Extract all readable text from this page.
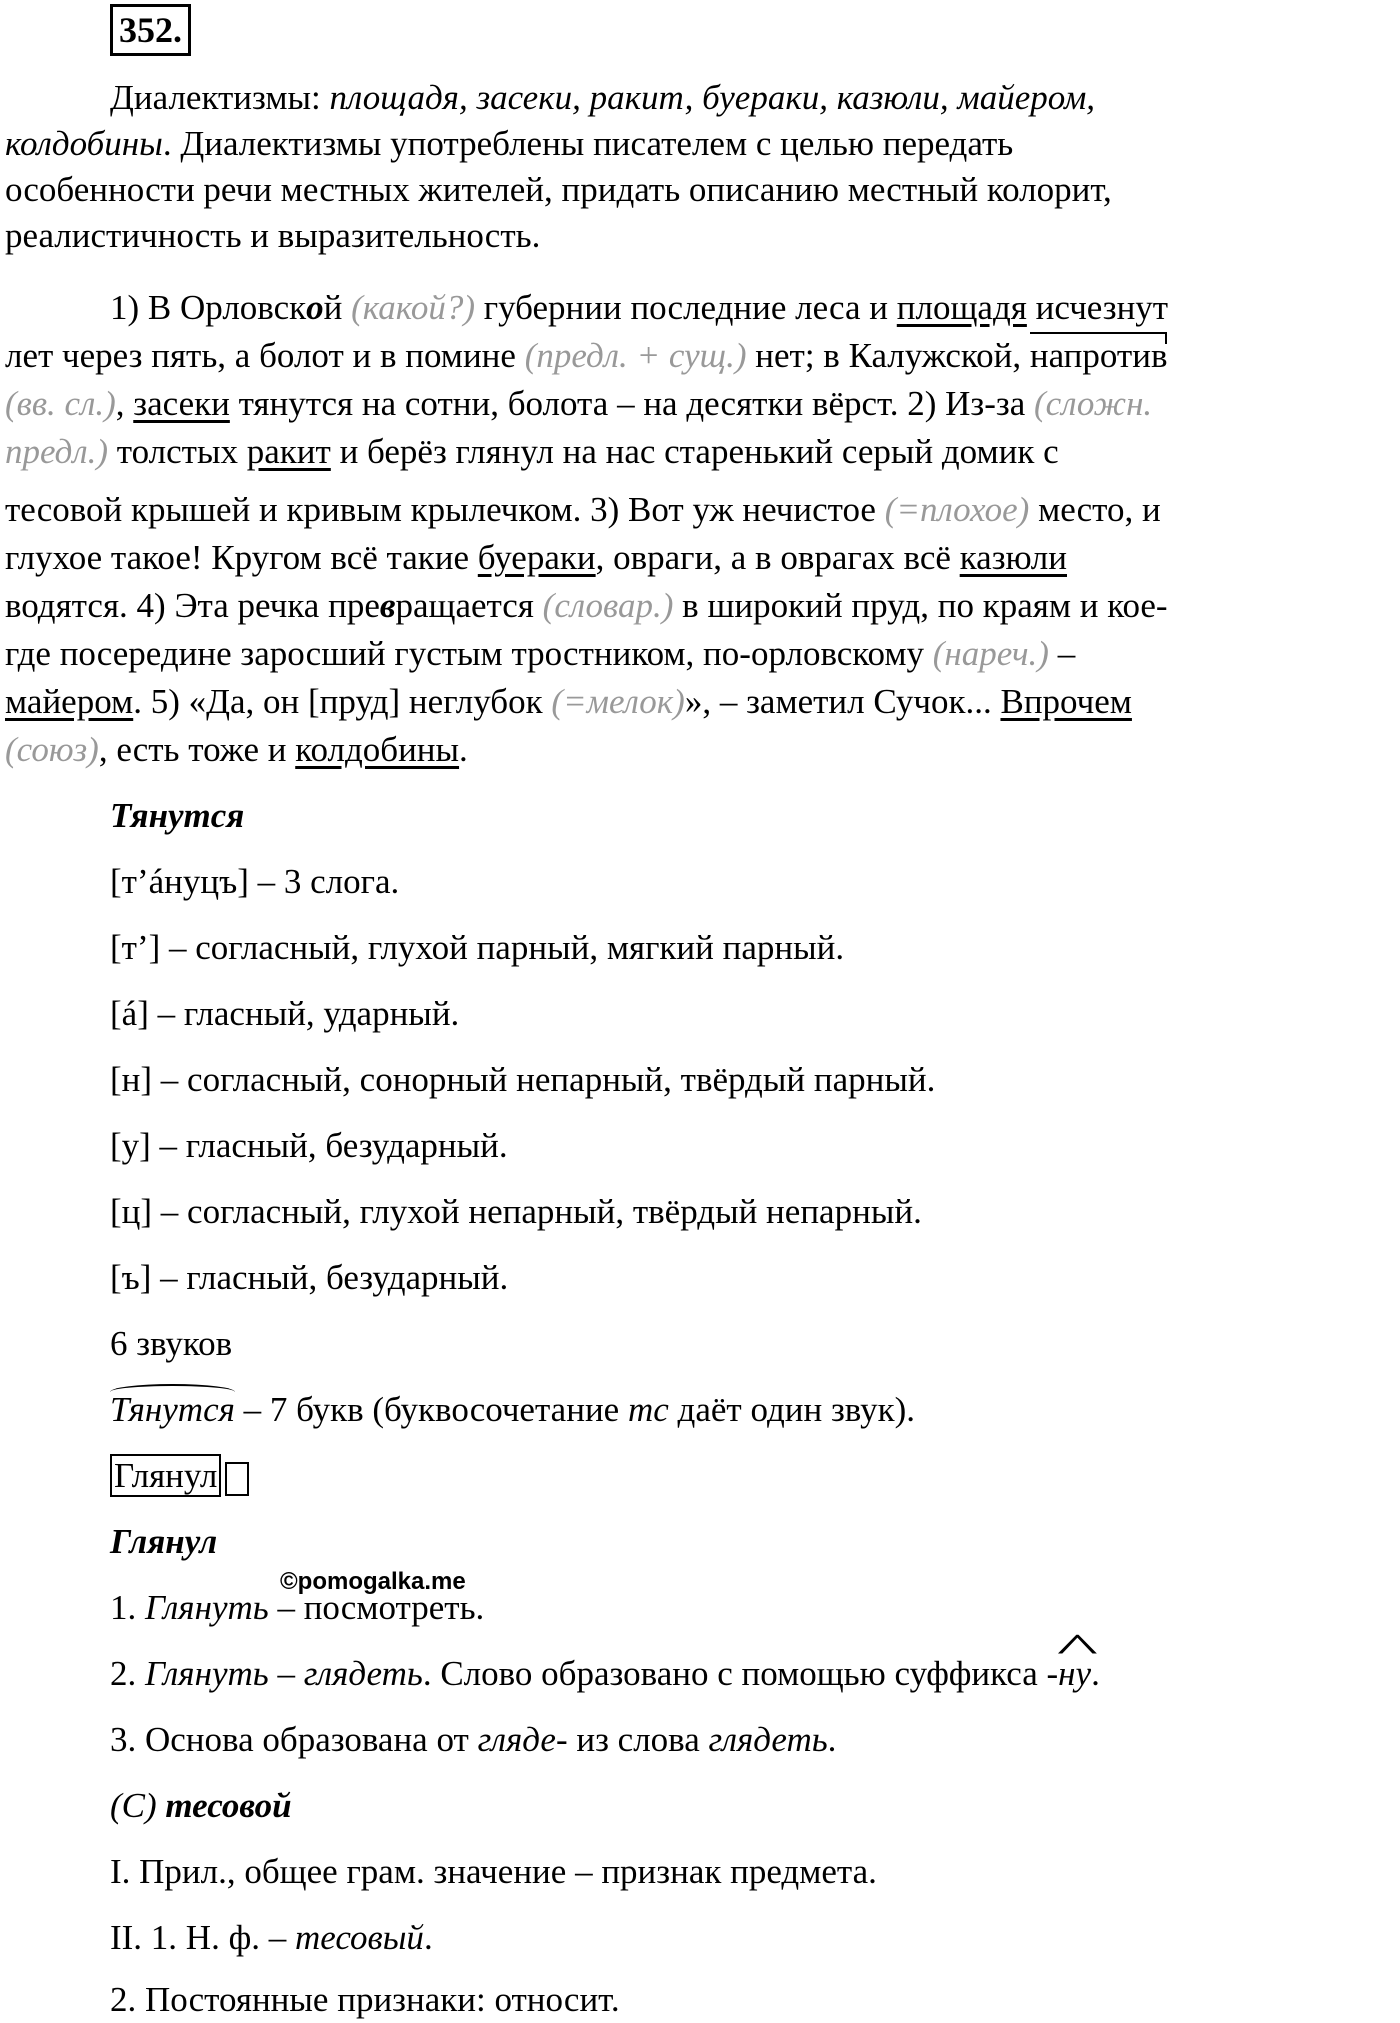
352.
Диалектизмы: площадя, засеки, ракит, буераки, казюли, майером,
колдобины. Диалектизмы употреблены писателем с целью передать
особенности речи местных жителей, придать описанию местный колорит,
реалистичность и выразительность.
1) В Орловской (какой?) губернии последние леса и площадя исчезнут
лет через пять, а болот и в помине (предл. + сущ.) нет; в Калужской, напротив
(вв. сл.), засеки тянутся на сотни, болота – на десятки вёрст. 2) Из-за (сложн.
предл.) толстых ракит и берёз глянул на нас старенький серый домик с
тесовой крышей и кривым крылечком. 3) Вот уж нечистое (=плохое) место, и
глухое такое! Кругом всё такие буераки, овраги, а в оврагах всё казюли
водятся. 4) Эта речка превращается (словар.) в широкий пруд, по краям и кое-
где посередине заросший густым тростником, по-орловскому (нареч.) –
майером. 5) «Да, он [пруд] неглубок (=мелок)», – заметил Сучок... Впрочем
(союз), есть тоже и колдобины.
Тянутся
[т’áнуцъ] – 3 слога.
[т’] – согласный, глухой парный, мягкий парный.
[á] – гласный, ударный.
[н] – согласный, сонорный непарный, твёрдый парный.
[у] – гласный, безударный.
[ц] – согласный, глухой непарный, твёрдый непарный.
[ъ] – гласный, безударный.
6 звуков
Тянутся – 7 букв (буквосочетание тс даёт один звук).
Глянул
Глянул
©pomogalka.me
1. Глянуть – посмотреть.
2. Глянуть – глядеть. Слово образовано с помощью суффикса -^ ну.
3. Основа образована от гляде- из слова глядеть.
(С) тесовой
I. Прил., общее грам. значение – признак предмета.
II. 1. Н. ф. – тесовый.
2. Постоянные признаки: относит.
